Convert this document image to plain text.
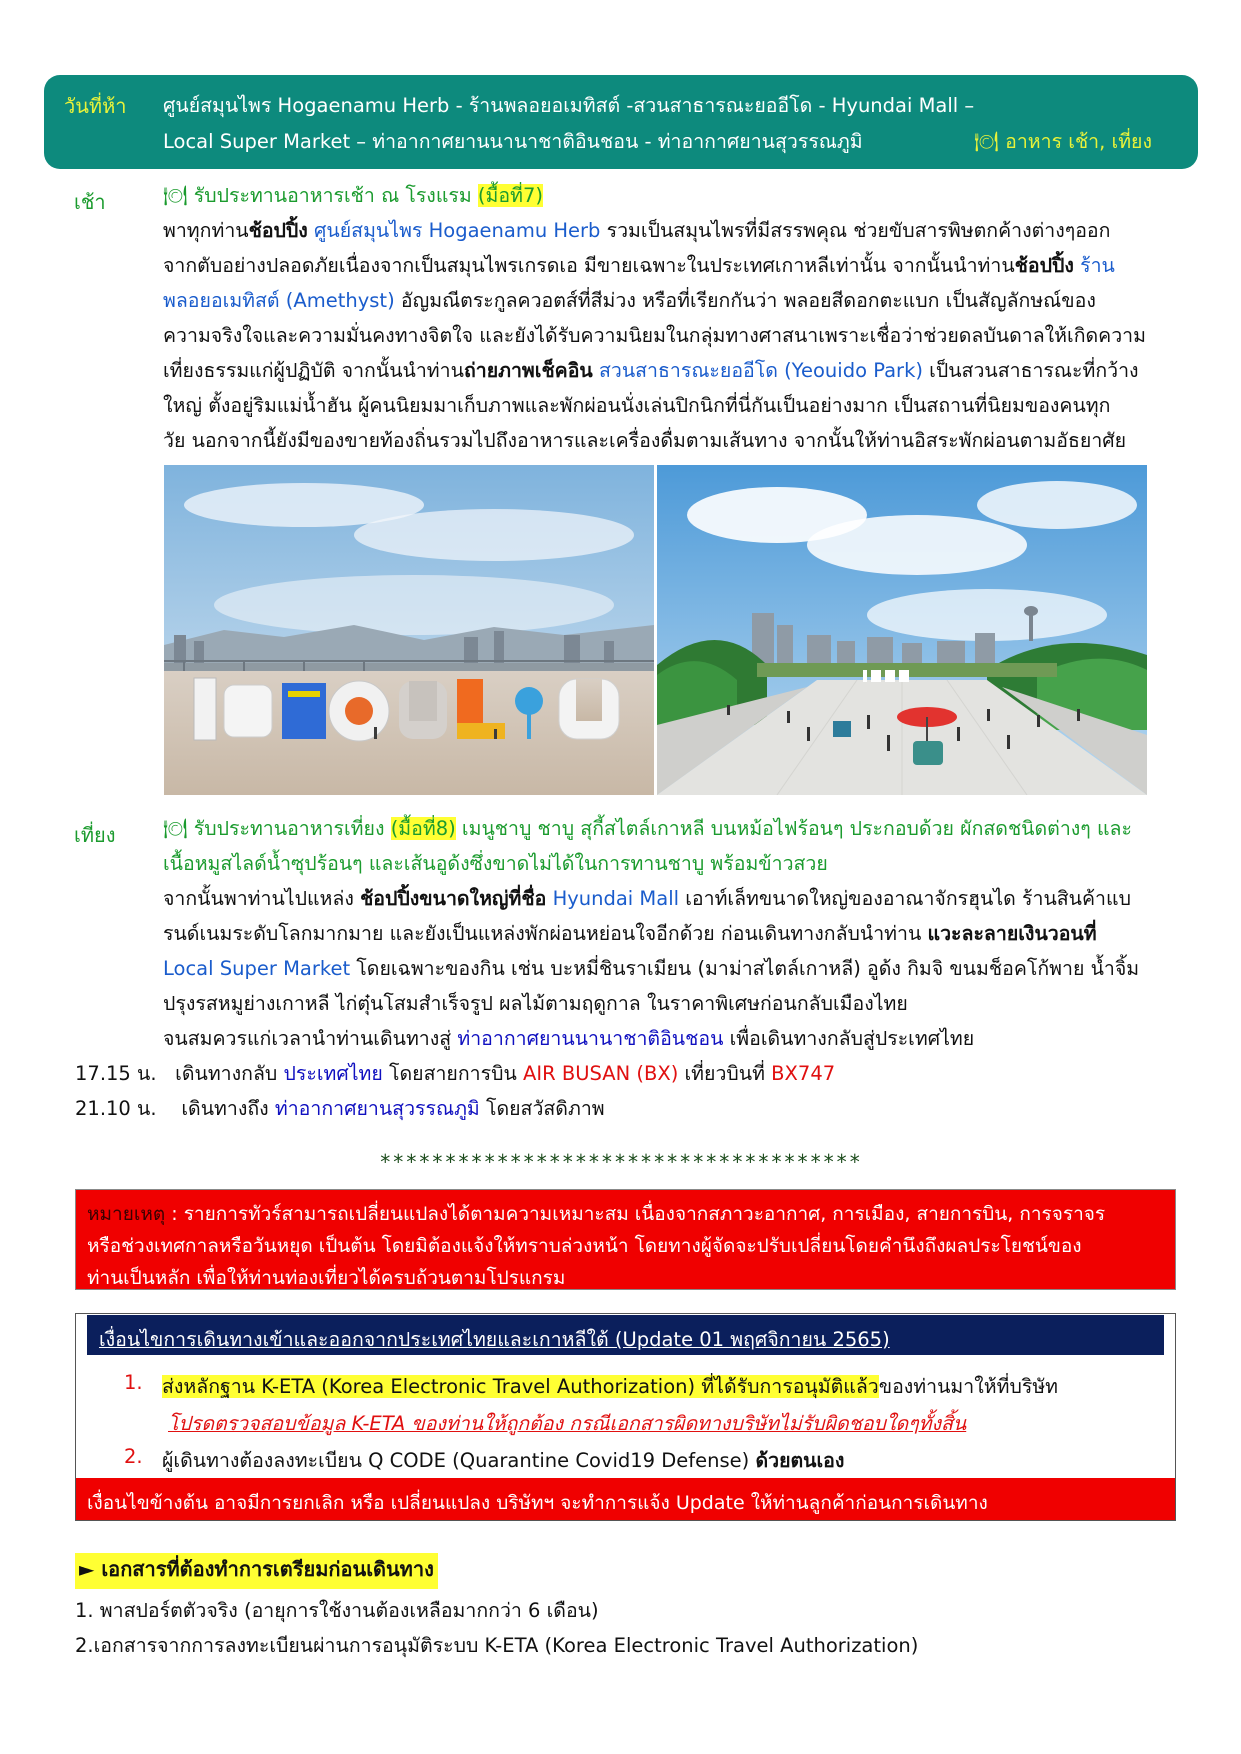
วันที่ห้า ศูนย์สมุนไพร Hogaenamu Herb - ร้านพลอยอเมทิสต์ -สวนสาธารณะยออีโด - Hyundai Mall –
Local Super Market – ท่าอากาศยานนานาชาติอินชอน - ท่าอากาศยานสุวรรณภูมิ	🍽 อาหาร เช้า, เที่ยง
เช้า	🍽 รับประทานอาหารเช้า ณ โรงแรม (มื้อที่7)
พาทุกท่านช้อปปิ้ง ศูนย์สมุนไพร Hogaenamu Herb รวมเป็นสมุนไพรที่มีสรรพคุณ ช่วยขับสารพิษตกค้างต่างๆออก
จากตับอย่างปลอดภัยเนื่องจากเป็นสมุนไพรเกรดเอ มีขายเฉพาะในประเทศเกาหลีเท่านั้น จากนั้นนำท่านช้อปปิ้ง ร้าน
พลอยอเมทิสต์ (Amethyst) อัญมณีตระกูลควอตส์ที่สีม่วง หรือที่เรียกกันว่า พลอยสีดอกตะแบก เป็นสัญลักษณ์ของ
ความจริงใจและความมั่นคงทางจิตใจ และยังได้รับความนิยมในกลุ่มทางศาสนาเพราะเชื่อว่าช่วยดลบันดาลให้เกิดความ
เที่ยงธรรมแก่ผู้ปฏิบัติ จากนั้นนำท่านถ่ายภาพเช็คอิน สวนสาธารณะยออีโด (Yeouido Park) เป็นสวนสาธารณะที่กว้าง
ใหญ่ ตั้งอยู่ริมแม่น้ำฮัน ผู้คนนิยมมาเก็บภาพและพักผ่อนนั่งเล่นปิกนิกที่นี่กันเป็นอย่างมาก เป็นสถานที่นิยมของคนทุก
วัย นอกจากนี้ยังมีของขายท้องถิ่นรวมไปถึงอาหารและเครื่องดื่มตามเส้นทาง จากนั้นให้ท่านอิสระพักผ่อนตามอัธยาศัย
เที่ยง 🍽 รับประทานอาหารเที่ยง (มื้อที่8) เมนูชาบู ชาบู สุกี้สไตล์เกาหลี บนหม้อไฟร้อนๆ ประกอบด้วย ผักสดชนิดต่างๆ และ
เนื้อหมูสไลด์น้ำซุปร้อนๆ และเส้นอูด้งซึ่งขาดไม่ได้ในการทานชาบู พร้อมข้าวสวย
จากนั้นพาท่านไปแหล่ง ช้อปปิ้งขนาดใหญ่ที่ชื่อ Hyundai Mall เอาท์เล็ทขนาดใหญ่ของอาณาจักรฮุนได ร้านสินค้าแบ
รนด์เนมระดับโลกมากมาย และยังเป็นแหล่งพักผ่อนหย่อนใจอีกด้วย ก่อนเดินทางกลับนำท่าน แวะละลายเงินวอนที่
Local Super Market โดยเฉพาะของกิน เช่น บะหมี่ชินราเมียน (มาม่าสไตล์เกาหลี) อูด้ง กิมจิ ขนมช็อคโก้พาย น้ำจิ้ม
ปรุงรสหมูย่างเกาหลี ไก่ตุ๋นโสมสำเร็จรูป ผลไม้ตามฤดูกาล ในราคาพิเศษก่อนกลับเมืองไทย
จนสมควรแก่เวลานำท่านเดินทางสู่ ท่าอากาศยานนานาชาติอินชอน เพื่อเดินทางกลับสู่ประเทศไทย
17.15 น. เดินทางกลับ ประเทศไทย โดยสายการบิน AIR BUSAN (BX) เที่ยวบินที่ BX747
21.10 น. เดินทางถึง ท่าอากาศยานสุวรรณภูมิ โดยสวัสดิภาพ
*************************************
หมายเหตุ : รายการทัวร์สามารถเปลี่ยนแปลงได้ตามความเหมาะสม เนื่องจากสภาวะอากาศ, การเมือง, สายการบิน, การจราจร
หรือช่วงเทศกาลหรือวันหยุด เป็นต้น โดยมิต้องแจ้งให้ทราบล่วงหน้า โดยทางผู้จัดจะปรับเปลี่ยนโดยคำนึงถึงผลประโยชน์ของ
ท่านเป็นหลัก เพื่อให้ท่านท่องเที่ยวได้ครบถ้วนตามโปรแกรม
เงื่อนไขการเดินทางเข้าและออกจากประเทศไทยและเกาหลีใต้ (Update 01 พฤศจิกายน 2565)
1. ส่งหลักฐาน K-ETA (Korea Electronic Travel Authorization) ที่ได้รับการอนุมัติแล้วของท่านมาให้ที่บริษัท
โปรดตรวจสอบข้อมูล K-ETA ของท่านให้ถูกต้อง กรณีเอกสารผิดทางบริษัทไม่รับผิดชอบใดๆทั้งสิ้น
2. ผู้เดินทางต้องลงทะเบียน Q CODE (Quarantine Covid19 Defense) ด้วยตนเอง
เงื่อนไขข้างต้น อาจมีการยกเลิก หรือ เปลี่ยนแปลง บริษัทฯ จะทำการแจ้ง Update ให้ท่านลูกค้าก่อนการเดินทาง
► เอกสารที่ต้องทำการเตรียมก่อนเดินทาง
1. พาสปอร์ตตัวจริง (อายุการใช้งานต้องเหลือมากกว่า 6 เดือน)
2.เอกสารจากการลงทะเบียนผ่านการอนุมัติระบบ K-ETA (Korea Electronic Travel Authorization)
